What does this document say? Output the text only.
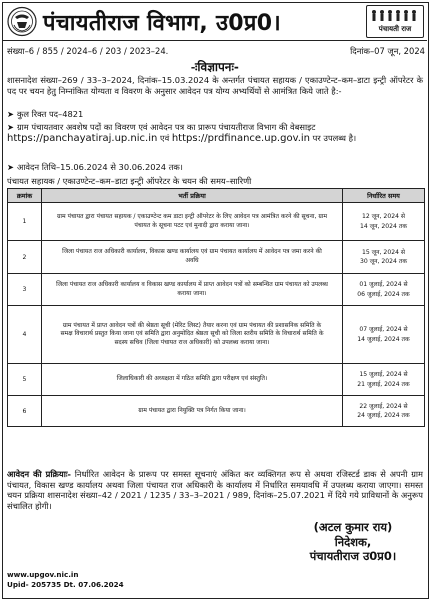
पंचायतीराज विभाग, उ0प्र0।	पंचायती राज
संख्या–6 / 855 / 2024–6 / 203 / 2023–24.	दिनांक–07 जून, 2024
-ःविज्ञापनः-
शासनादेश संख्या–269 / 33–3–2024, दिनांक–15.03.2024 के अन्तर्गत पंचायत सहायक / एकाउण्टेन्ट–कम–डाटा इन्ट्री ऑपरेटर के पद पर चयन हेतु निम्नांकित योग्यता व विवरण के अनुसार आवेदन पत्र योग्य अभ्यर्थियों से आमंत्रित किये जाते है:-
➤ कुल रिक्त पद–4821
➤ ग्राम पंचायतवार अवशेष पदों का विवरण एवं आवेदन पत्र का प्रारूप पंचायतीराज विभाग की वेबसाइट https://panchayatiraj.up.nic.in एवं https://prdfinance.up.gov.in पर उपलब्ध है।
➤ आवेदन तिथि–15.06.2024 से 30.06.2024 तक।
पंचायत सहायक / एकाउण्टेन्ट–कम–डाटा इन्ट्री ऑपरेटर के चयन की समय–सारिणी
क्रमांक	भर्ती प्रक्रिया	निर्धारित समय
1	ग्राम पंचायत द्वारा पंचायत सहायक / एकाउण्टेन्ट कम डाटा इन्ट्री ऑपरेटर के लिए आवेदन पत्र आमंत्रित करने की सूचना, ग्राम पंचायत के सूचना पटट एवं मुनादी द्वारा कराया जाना।	12 जून, 2024 से
14 जून, 2024 तक
2	जिला पंचायत राज अधिकारी कार्यालय, विकास खण्ड कार्यालय एवं ग्राम पंचायत कार्यालय में आवेदन पत्र जमा करने की अवधि	15 जून, 2024 से
30 जून, 2024 तक
3	जिला पंचायत राज अधिकारी कार्यालय व विकास खण्ड कार्यालय में प्राप्त आवेदन पत्रों को सम्बन्धित ग्राम पंचायत को उपलब्ध कराया जाना।	01 जुलाई, 2024 से
06 जुलाई, 2024 तक
4	ग्राम पंचायत में प्राप्त आवेदन पत्रों की श्रेष्ठता सूची (मेरिट लिस्ट) तैयार करना एवं ग्राम पंचायत की प्रशासनिक समिति के समक्ष विचारार्थ प्रस्तुत किया जाना एवं समिति द्वारा अनुमोदित श्रेष्ठता सूची को जिला स्तरीय समिति के विचारार्थ समिति के सदस्य सचिव (जिला पंचायत राज अधिकारी) को उपलब्ध कराया जाना।	07 जुलाई, 2024 से
14 जुलाई, 2024 तक
5	जिलाधिकारी की अध्यक्षता में गठित समिति द्वारा परीक्षण एवं संस्तुति।	15 जुलाई, 2024 से
21 जुलाई, 2024 तक
6	ग्राम पंचायत द्वारा नियुक्ति पत्र निर्गत किया जाना।	22 जुलाई, 2024 से
24 जुलाई, 2024 तक
आवेदन की प्रक्रियाः- निर्धारित आवेदन के प्रारूप पर समस्त सूचनाएं अंकित कर व्यक्तिगत रूप से अथवा रजिस्टर्ड डाक से अपनी ग्राम पंचायत, विकास खण्ड कार्यालय अथवा जिला पंचायत राज अधिकारी के कार्यालय में निर्धारित समयावधि में उपलब्ध कराया जाएगा। समस्त चयन प्रक्रिया शासनादेश संख्या–42 / 2021 / 1235 / 33–3–2021 / 989, दिनांक–25.07.2021 में दिये गये प्राविधानों के अनुरूप संचालित होगी।
(अटल कुमार राय)
निदेशक,
पंचायतीराज उ0प्र0।
www.upgov.nic.in
Upid- 205735 Dt. 07.06.2024
